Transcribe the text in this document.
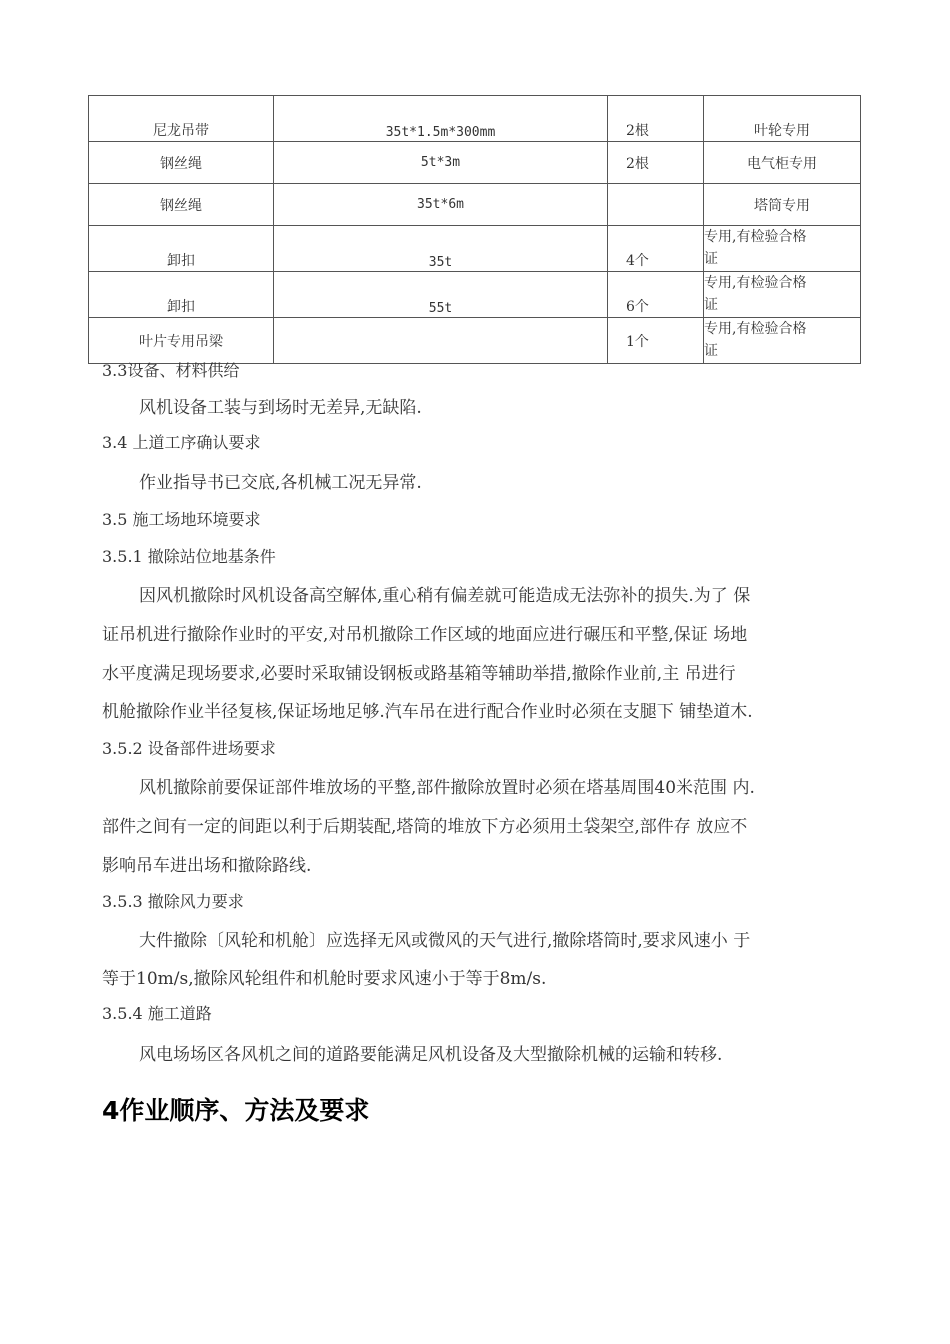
尼龙吊带	35t*1.5m*300mm	2根	叶轮专用
钢丝绳	5t*3m	2根	电气柜专用
钢丝绳	35t*6m		塔筒专用
卸扣	35t	4个	专用,有检验合格
证

卸扣	55t	6个	专用,有检验合格
证

叶片专用吊梁		1个	专用,有检验合格
证
3.3设备、材料供给
风机设备工装与到场时无差异,无缺陷.
3.4 上道工序确认要求
作业指导书已交底,各机械工况无异常.
3.5 施工场地环境要求
3.5.1 撤除站位地基条件
因风机撤除时风机设备高空解体,重心稍有偏差就可能造成无法弥补的损失.为了 保
证吊机进行撤除作业时的平安,对吊机撤除工作区域的地面应进行碾压和平整,保证 场地
水平度满足现场要求,必要时采取铺设钢板或路基箱等辅助举措,撤除作业前,主 吊进行
机舱撤除作业半径复核,保证场地足够.汽车吊在进行配合作业时必须在支腿下 铺垫道木.
3.5.2 设备部件进场要求
风机撤除前要保证部件堆放场的平整,部件撤除放置时必须在塔基周围40米范围 内.
部件之间有一定的间距以利于后期装配,塔筒的堆放下方必须用土袋架空,部件存 放应不
影响吊车进出场和撤除路线.
3.5.3 撤除风力要求
大件撤除〔风轮和机舱〕应选择无风或微风的天气进行,撤除塔筒时,要求风速小 于
等于10m/s,撤除风轮组件和机舱时要求风速小于等于8m/s.
3.5.4 施工道路
风电场场区各风机之间的道路要能满足风机设备及大型撤除机械的运输和转移.
4作业顺序、方法及要求
